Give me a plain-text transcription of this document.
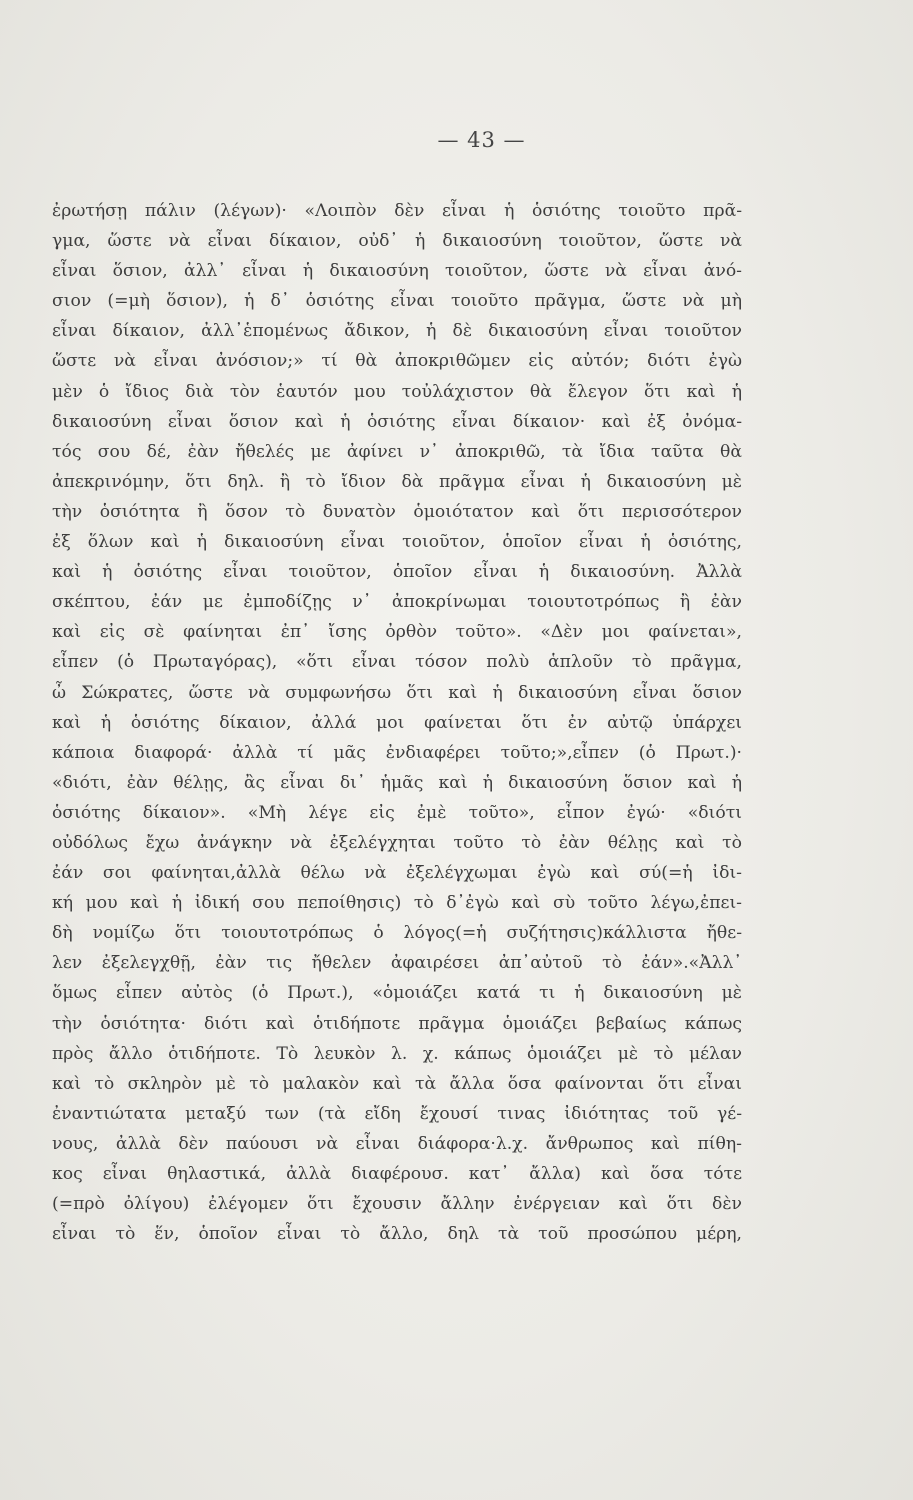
— 43 —
ἐρωτήσῃ πάλιν (λέγων)· «Λοιπὸν δὲν εἶναι ἡ ὁσιότης τοιοῦτο πρᾶ-
γμα, ὥστε νὰ εἶναι δίκαιον, οὐδ᾽ ἡ δικαιοσύνη τοιοῦτον, ὥστε νὰ
εἶναι ὅσιον, ἀλλ᾽ εἶναι ἡ δικαιοσύνη τοιοῦτον, ὥστε νὰ εἶναι ἀνό-
σιον (=μὴ ὅσιον), ἡ δ᾽ ὁσιότης εἶναι τοιοῦτο πρᾶγμα, ὥστε νὰ μὴ
εἶναι δίκαιον, ἀλλ᾽ἑπομένως ἄδικον, ἡ δὲ δικαιοσύνη εἶναι τοιοῦτον
ὥστε νὰ εἶναι ἀνόσιον;» τί θὰ ἀποκριθῶμεν εἰς αὐτόν; διότι ἐγὼ
μὲν ὁ ἴδιος διὰ τὸν ἑαυτόν μου τοὐλάχιστον θὰ ἔλεγον ὅτι καὶ ἡ
δικαιοσύνη εἶναι ὅσιον καὶ ἡ ὁσιότης εἶναι δίκαιον· καὶ ἐξ ὀνόμα-
τός σου δέ, ἐὰν ἤθελές με ἀφίνει ν᾽ ἀποκριθῶ, τὰ ἴδια ταῦτα θὰ
ἀπεκρινόμην, ὅτι δηλ. ἢ τὸ ἴδιον δὰ πρᾶγμα εἶναι ἡ δικαιοσύνη μὲ
τὴν ὁσιότητα ἢ ὅσον τὸ δυνατὸν ὁμοιότατον καὶ ὅτι περισσότερον
ἐξ ὅλων καὶ ἡ δικαιοσύνη εἶναι τοιοῦτον, ὁποῖον εἶναι ἡ ὁσιότης,
καὶ ἡ ὁσιότης εἶναι τοιοῦτον, ὁποῖον εἶναι ἡ δικαιοσύνη. Ἀλλὰ
σκέπτου, ἐάν με ἐμποδίζῃς ν᾽ ἀποκρίνωμαι τοιουτοτρόπως ἢ ἐὰν
καὶ εἰς σὲ φαίνηται ἐπ᾽ ἴσης ὀρθὸν τοῦτο». «Δὲν μοι φαίνεται»,
εἶπεν (ὁ Πρωταγόρας), «ὅτι εἶναι τόσον πολὺ ἁπλοῦν τὸ πρᾶγμα,
ὦ Σώκρατες, ὥστε νὰ συμφωνήσω ὅτι καὶ ἡ δικαιοσύνη εἶναι ὅσιον
καὶ ἡ ὁσιότης δίκαιον, ἀλλά μοι φαίνεται ὅτι ἐν αὐτῷ ὑπάρχει
κάποια διαφορά· ἀλλὰ τί μᾶς ἐνδιαφέρει τοῦτο;»,εἶπεν (ὁ Πρωτ.)·
«διότι, ἐὰν θέλῃς, ἂς εἶναι δι᾽ ἡμᾶς καὶ ἡ δικαιοσύνη ὅσιον καὶ ἡ
ὁσιότης δίκαιον». «Μὴ λέγε εἰς ἐμὲ τοῦτο», εἶπον ἐγώ· «διότι
οὐδόλως ἔχω ἀνάγκην νὰ ἐξελέγχηται τοῦτο τὸ ἐὰν θέλῃς καὶ τὸ
ἐάν σοι φαίνηται,ἀλλὰ θέλω νὰ ἐξελέγχωμαι ἐγὼ καὶ σύ(=ἡ ἰδι-
κή μου καὶ ἡ ἰδική σου πεποίθησις) τὸ δ᾽ἐγὼ καὶ σὺ τοῦτο λέγω,ἐπει-
δὴ νομίζω ὅτι τοιουτοτρόπως ὁ λόγος(=ἡ συζήτησις)κάλλιστα ἤθε-
λεν ἐξελεγχθῇ, ἐὰν τις ἤθελεν ἀφαιρέσει ἀπ᾽αὐτοῦ τὸ ἐάν».«Ἀλλ᾽
ὅμως εἶπεν αὐτὸς (ὁ Πρωτ.), «ὁμοιάζει κατά τι ἡ δικαιοσύνη μὲ
τὴν ὁσιότητα· διότι καὶ ὁτιδήποτε πρᾶγμα ὁμοιάζει βεβαίως κάπως
πρὸς ἄλλο ὁτιδήποτε. Τὸ λευκὸν λ. χ. κάπως ὁμοιάζει μὲ τὸ μέλαν
καὶ τὸ σκληρὸν μὲ τὸ μαλακὸν καὶ τὰ ἄλλα ὅσα φαίνονται ὅτι εἶναι
ἐναντιώτατα μεταξύ των (τὰ εἴδη ἔχουσί τινας ἰδιότητας τοῦ γέ-
νους, ἀλλὰ δὲν παύουσι νὰ εἶναι διάφορα·λ.χ. ἄνθρωπος καὶ πίθη-
κος εἶναι θηλαστικά, ἀλλὰ διαφέρουσ. κατ᾽ ἄλλα) καὶ ὅσα τότε
(=πρὸ ὀλίγου) ἐλέγομεν ὅτι ἔχουσιν ἄλλην ἐνέργειαν καὶ ὅτι δὲν
εἶναι τὸ ἕν, ὁποῖον εἶναι τὸ ἄλλο, δηλ τὰ τοῦ προσώπου μέρη,
